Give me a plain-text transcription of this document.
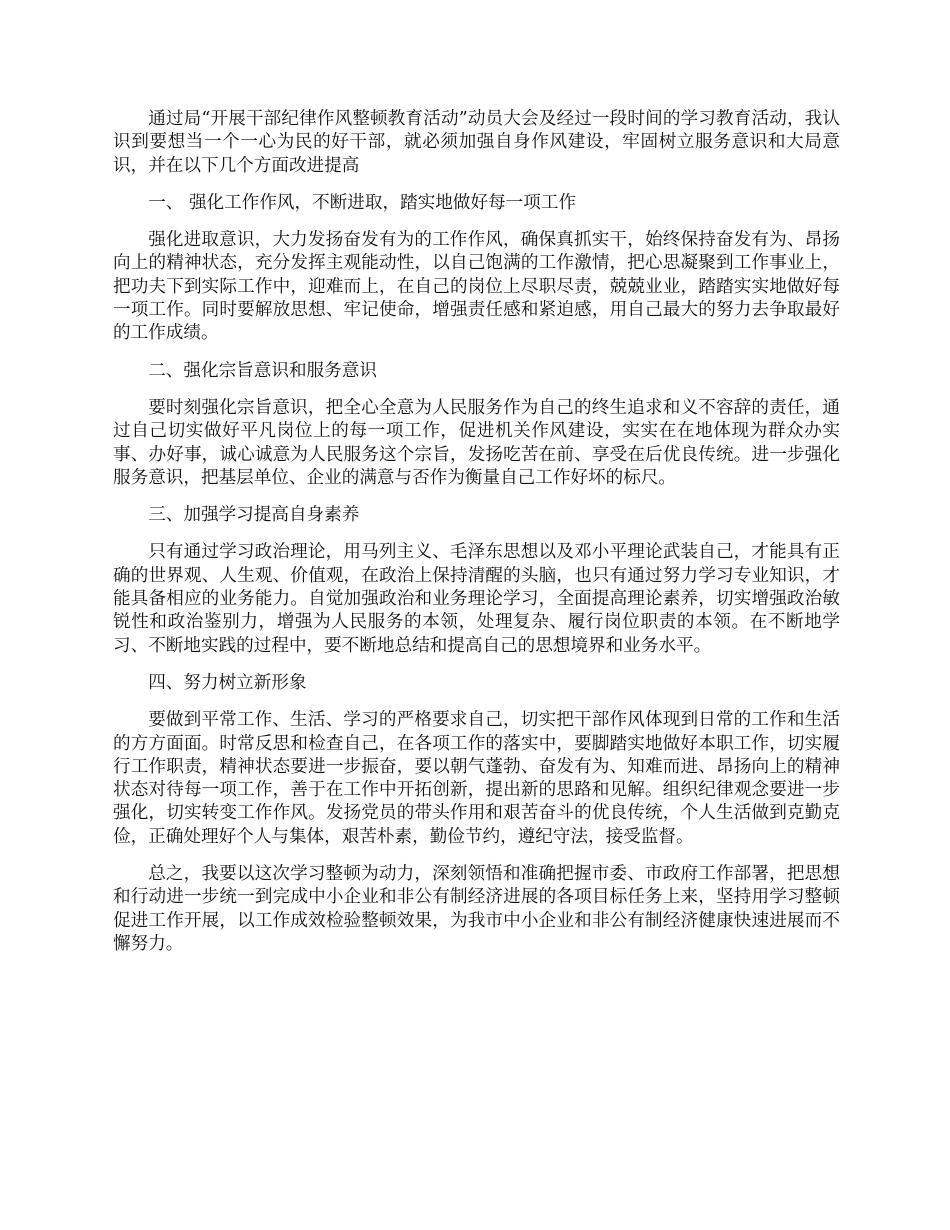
通过局“开展干部纪律作风整顿教育活动”动员大会及经过一段时间的学习教育活动，我认识到要想当一个一心为民的好干部，就必须加强自身作风建设，牢固树立服务意识和大局意识，并在以下几个方面改进提高

一、 强化工作作风，不断进取，踏实地做好每一项工作

强化进取意识，大力发扬奋发有为的工作作风，确保真抓实干，始终保持奋发有为、昂扬向上的精神状态，充分发挥主观能动性，以自己饱满的工作激情，把心思凝聚到工作事业上，把功夫下到实际工作中，迎难而上，在自己的岗位上尽职尽责，兢兢业业，踏踏实实地做好每一项工作。同时要解放思想、牢记使命，增强责任感和紧迫感，用自己最大的努力去争取最好的工作成绩。

二、强化宗旨意识和服务意识

要时刻强化宗旨意识，把全心全意为人民服务作为自己的终生追求和义不容辞的责任，通过自己切实做好平凡岗位上的每一项工作，促进机关作风建设，实实在在地体现为群众办实事、办好事，诚心诚意为人民服务这个宗旨，发扬吃苦在前、享受在后优良传统。进一步强化服务意识，把基层单位、企业的满意与否作为衡量自己工作好坏的标尺。

三、加强学习提高自身素养

只有通过学习政治理论，用马列主义、毛泽东思想以及邓小平理论武装自己，才能具有正确的世界观、人生观、价值观，在政治上保持清醒的头脑，也只有通过努力学习专业知识，才能具备相应的业务能力。自觉加强政治和业务理论学习，全面提高理论素养，切实增强政治敏锐性和政治鉴别力，增强为人民服务的本领，处理复杂、履行岗位职责的本领。在不断地学习、不断地实践的过程中，要不断地总结和提高自己的思想境界和业务水平。

四、努力树立新形象

要做到平常工作、生活、学习的严格要求自己，切实把干部作风体现到日常的工作和生活的方方面面。时常反思和检查自己，在各项工作的落实中，要脚踏实地做好本职工作，切实履行工作职责，精神状态要进一步振奋，要以朝气蓬勃、奋发有为、知难而进、昂扬向上的精神状态对待每一项工作，善于在工作中开拓创新，提出新的思路和见解。组织纪律观念要进一步强化，切实转变工作作风。发扬党员的带头作用和艰苦奋斗的优良传统，个人生活做到克勤克俭，正确处理好个人与集体，艰苦朴素，勤俭节约，遵纪守法，接受监督。

总之，我要以这次学习整顿为动力，深刻领悟和准确把握市委、市政府工作部署，把思想和行动进一步统一到完成中小企业和非公有制经济进展的各项目标任务上来，坚持用学习整顿促进工作开展，以工作成效检验整顿效果，为我市中小企业和非公有制经济健康快速进展而不懈努力。
